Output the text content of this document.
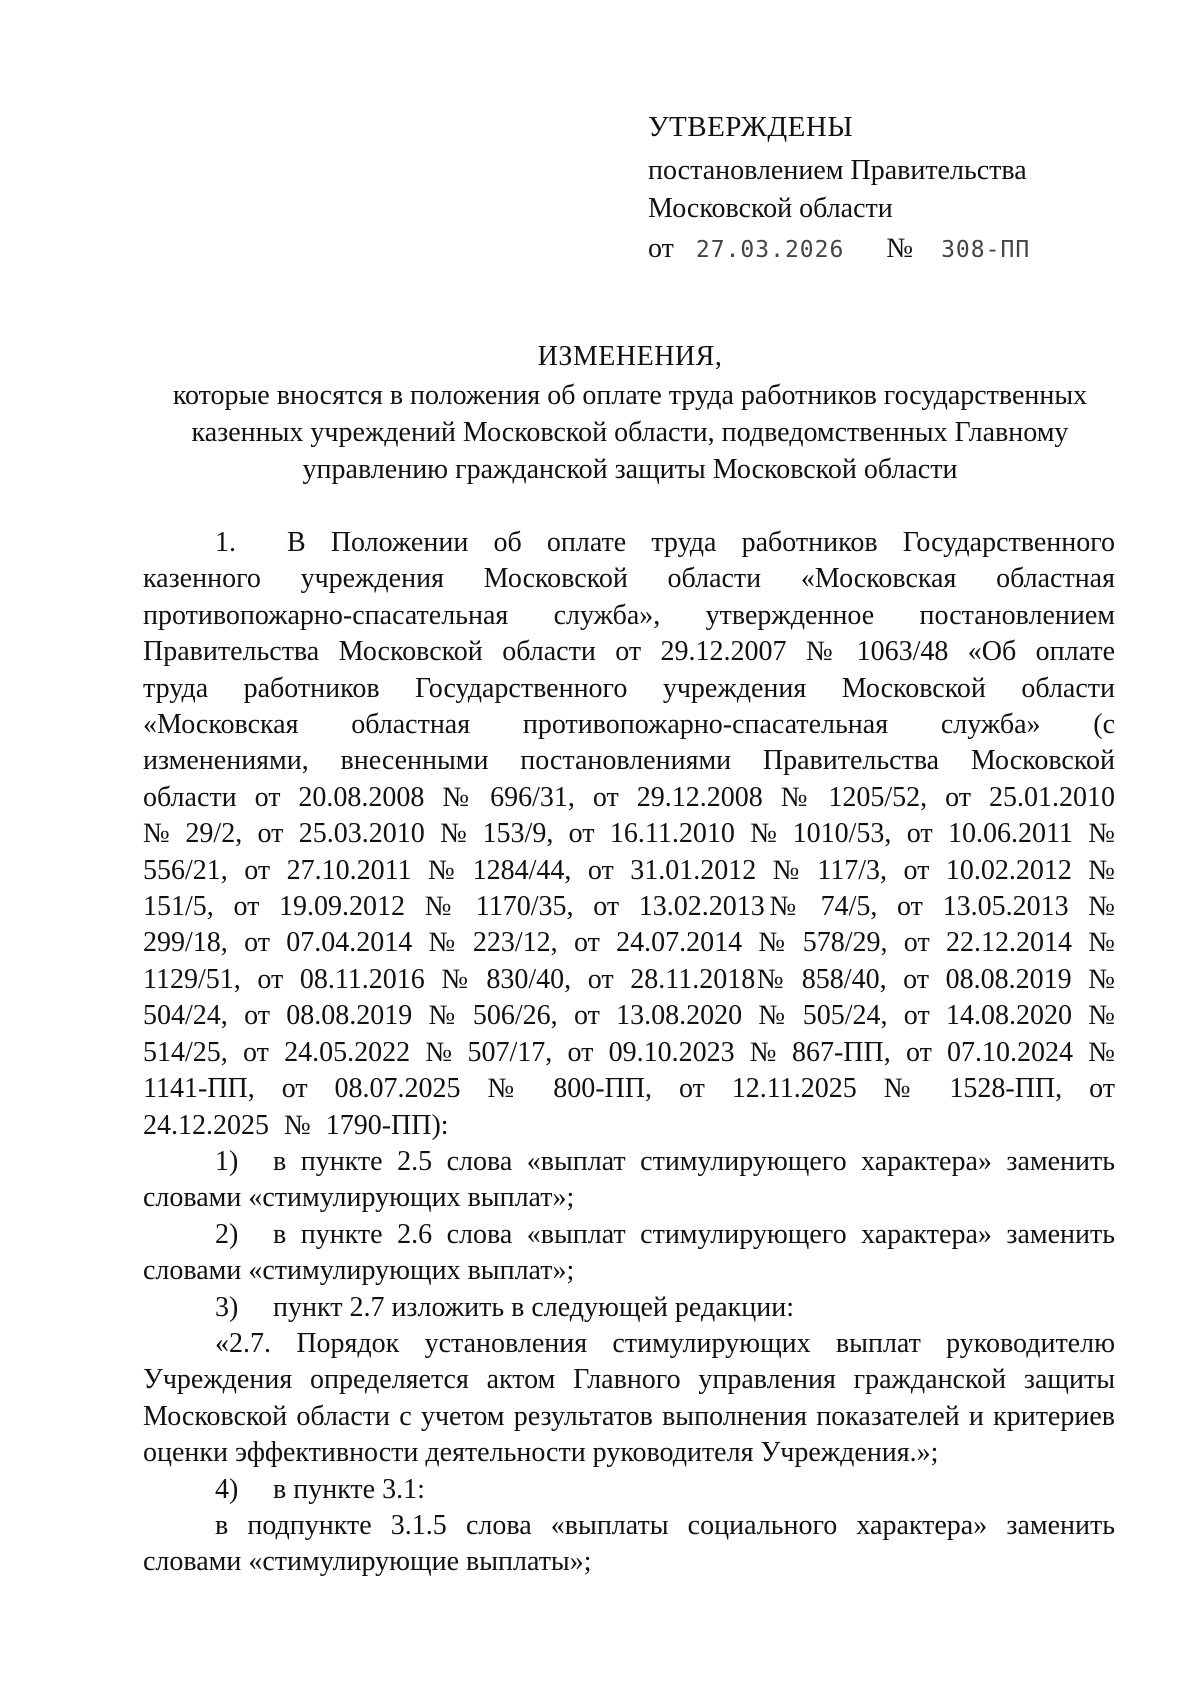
УТВЕРЖДЕНЫ
постановлением Правительства
Московской области
от 27.03.2026 № 308-ПП
ИЗМЕНЕНИЯ,
которые вносятся в положения об оплате труда работников государственных казенных учреждений Московской области, подведомственных Главному управлению гражданской защиты Московской области

1. В Положении об оплате труда работников Государственного казенного учреждения Московской области «Московская областная противопожарно-спасательная служба», утвержденное постановлением Правительства Московской области от 29.12.2007 № 1063/48 «Об оплате труда работников Государственного учреждения Московской области «Московская областная противопожарно-спасательная служба» (с изменениями, внесенными постановлениями Правительства Московской области от 20.08.2008 № 696/31, от 29.12.2008 № 1205/52, от 25.01.2010 № 29/2, от 25.03.2010 № 153/9, от 16.11.2010 № 1010/53, от 10.06.2011 № 556/21, от 27.10.2011 № 1284/44, от 31.01.2012 № 117/3, от 10.02.2012 № 151/5, от 19.09.2012 № 1170/35, от 13.02.2013№ 74/5, от 13.05.2013 № 299/18, от 07.04.2014 № 223/12, от 24.07.2014 № 578/29, от 22.12.2014 № 1129/51, от 08.11.2016 № 830/40, от 28.11.2018№ 858/40, от 08.08.2019 № 504/24, от 08.08.2019 № 506/26, от 13.08.2020 № 505/24, от 14.08.2020 № 514/25, от 24.05.2022 № 507/17, от 09.10.2023 № 867-ПП, от 07.10.2024 № 1141-ПП, от 08.07.2025 № 800-ПП, от 12.11.2025 № 1528-ПП, от 24.12.2025 № 1790-ПП):

1) в пункте 2.5 слова «выплат стимулирующего характера» заменить словами «стимулирующих выплат»;

2) в пункте 2.6 слова «выплат стимулирующего характера» заменить словами «стимулирующих выплат»;

3) пункт 2.7 изложить в следующей редакции:

«2.7. Порядок установления стимулирующих выплат руководителю Учреждения определяется актом Главного управления гражданской защиты Московской области с учетом результатов выполнения показателей и критериев оценки эффективности деятельности руководителя Учреждения.»;

4) в пункте 3.1:

в подпункте 3.1.5 слова «выплаты социального характера» заменить словами «стимулирующие выплаты»;
